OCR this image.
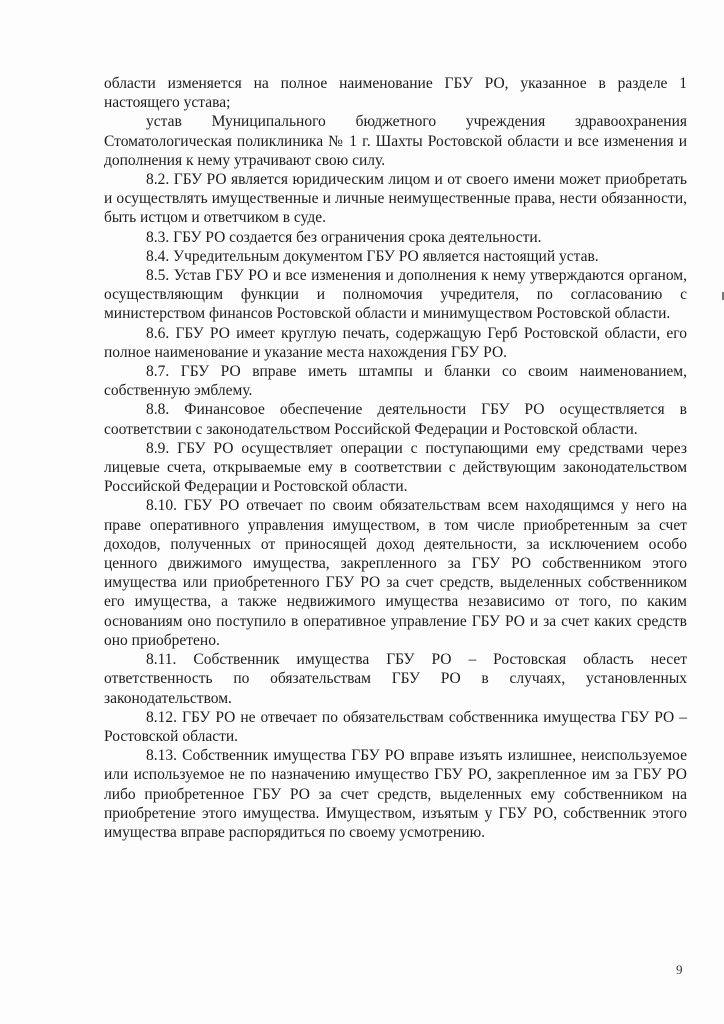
области изменяется на полное наименование ГБУ РО, указанное в разделе 1 настоящего устава;

устав Муниципального бюджетного учреждения здравоохранения Стоматологическая поликлиника № 1 г. Шахты Ростовской области и все изменения и дополнения к нему утрачивают свою силу.

8.2. ГБУ РО является юридическим лицом и от своего имени может приобретать и осуществлять имущественные и личные неимущественные права, нести обязанности, быть истцом и ответчиком в суде.

8.3. ГБУ РО создается без ограничения срока деятельности.

8.4. Учредительным документом ГБУ РО является настоящий устав.

8.5. Устав ГБУ РО и все изменения и дополнения к нему утверждаются органом, осуществляющим функции и полномочия учредителя, по согласованию с министерством финансов Ростовской области и минимуществом Ростовской области.

8.6. ГБУ РО имеет круглую печать, содержащую Герб Ростовской области, его полное наименование и указание места нахождения ГБУ РО.

8.7. ГБУ РО вправе иметь штампы и бланки со своим наименованием, собственную эмблему.

8.8. Финансовое обеспечение деятельности ГБУ РО осуществляется в соответствии с законодательством Российской Федерации и Ростовской области.

8.9. ГБУ РО осуществляет операции с поступающими ему средствами через лицевые счета, открываемые ему в соответствии с действующим законодательством Российской Федерации и Ростовской области.

8.10. ГБУ РО отвечает по своим обязательствам всем находящимся у него на праве оперативного управления имуществом, в том числе приобретенным за счет доходов, полученных от приносящей доход деятельности, за исключением особо ценного движимого имущества, закрепленного за ГБУ РО собственником этого имущества или приобретенного ГБУ РО за счет средств, выделенных собственником его имущества, а также недвижимого имущества независимо от того, по каким основаниям оно поступило в оперативное управление ГБУ РО и за счет каких средств оно приобретено.

8.11. Собственник имущества ГБУ РО – Ростовская область несет ответственность по обязательствам ГБУ РО в случаях, установленных законодательством.

8.12. ГБУ РО не отвечает по обязательствам собственника имущества ГБУ РО – Ростовской области.

8.13. Собственник имущества ГБУ РО вправе изъять излишнее, неиспользуемое или используемое не по назначению имущество ГБУ РО, закрепленное им за ГБУ РО либо приобретенное ГБУ РО за счет средств, выделенных ему собственником на приобретение этого имущества. Имуществом, изъятым у ГБУ РО, собственник этого имущества вправе распорядиться по своему усмотрению.

9
